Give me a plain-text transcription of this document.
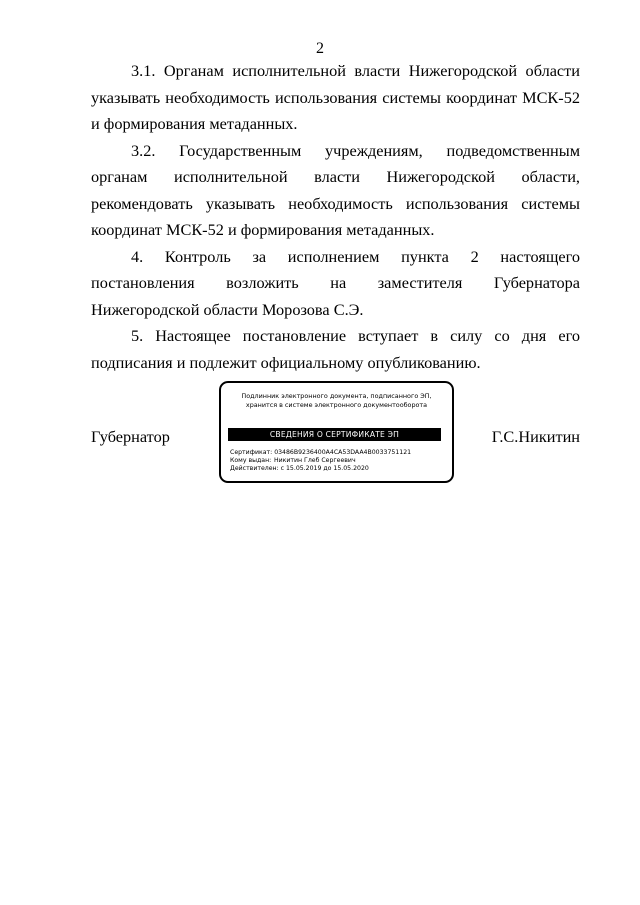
2

3.1. Органам исполнительной власти Нижегородской области указывать необходимость использования системы координат МСК-52 и формирования метаданных.

3.2. Государственным учреждениям, подведомственным органам исполнительной власти Нижегородской области, рекомендовать указывать необходимость использования системы координат МСК-52 и формирования метаданных.

4. Контроль за исполнением пункта 2 настоящего постановления возложить на заместителя Губернатора Нижегородской области Морозова С.Э.

5. Настоящее постановление вступает в силу со дня его подписания и подлежит официальному опубликованию.

Губернатор	Г.С.Никитин
Подлинник электронного документа, подписанного ЭП,
хранится в системе электронного документооборота
СВЕДЕНИЯ О СЕРТИФИКАТЕ ЭП
Сертификат: 03486B9236400A4CA53DAA4B0033751121
Кому выдан: Никитин Глеб Сергеевич
Действителен: с 15.05.2019 до 15.05.2020
